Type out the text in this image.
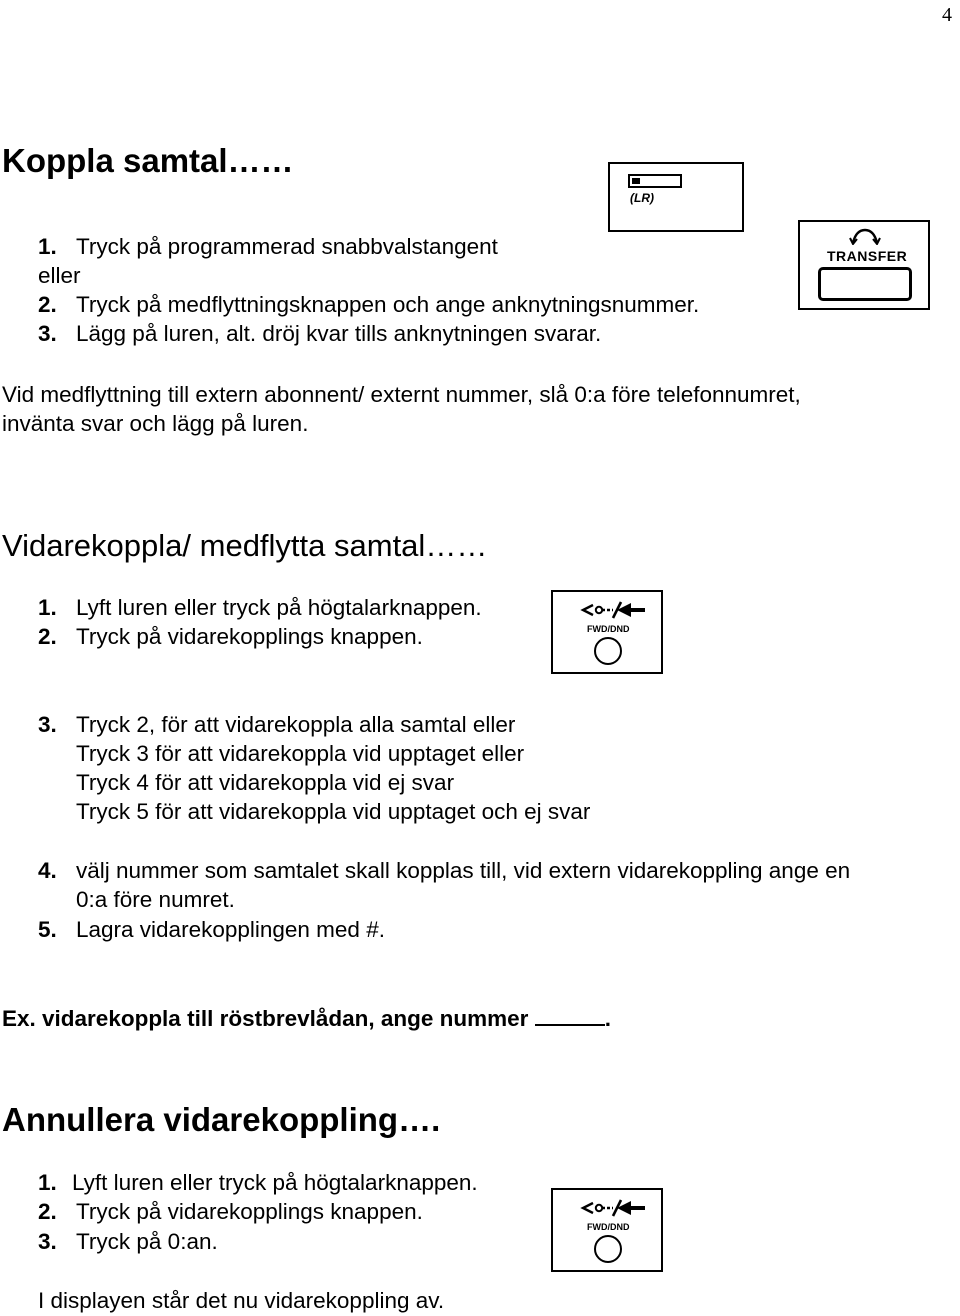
4
Koppla samtal……
1. Tryck på programmerad snabbvalstangent
eller
2. Tryck på medflyttningsknappen och ange anknytningsnummer.
3. Lägg på luren, alt. dröj kvar tills anknytningen svarar.
Vid medflyttning till extern abonnent/ externt nummer, slå 0:a före telefonnumret,
invänta svar och lägg på luren.
(LR)
TRANSFER
Vidarekoppla/ medflytta samtal……
1. Lyft luren eller tryck på högtalarknappen.
2. Tryck på vidarekopplings knappen.	FWD/DND
3. Tryck 2, för att vidarekoppla alla samtal eller
Tryck 3 för att vidarekoppla vid upptaget eller
Tryck 4 för att vidarekoppla vid ej svar
Tryck 5 för att vidarekoppla vid upptaget och ej svar
4. välj nummer som samtalet skall kopplas till, vid extern vidarekoppling ange en
0:a före numret.
5. Lagra vidarekopplingen med #.
Ex. vidarekoppla till röstbrevlådan, ange nummer	.
Annullera vidarekoppling….
1. Lyft luren eller tryck på högtalarknappen.
2. Tryck på vidarekopplings knappen.
3. Tryck på 0:an.
FWD/DND
I displayen står det nu vidarekoppling av.
